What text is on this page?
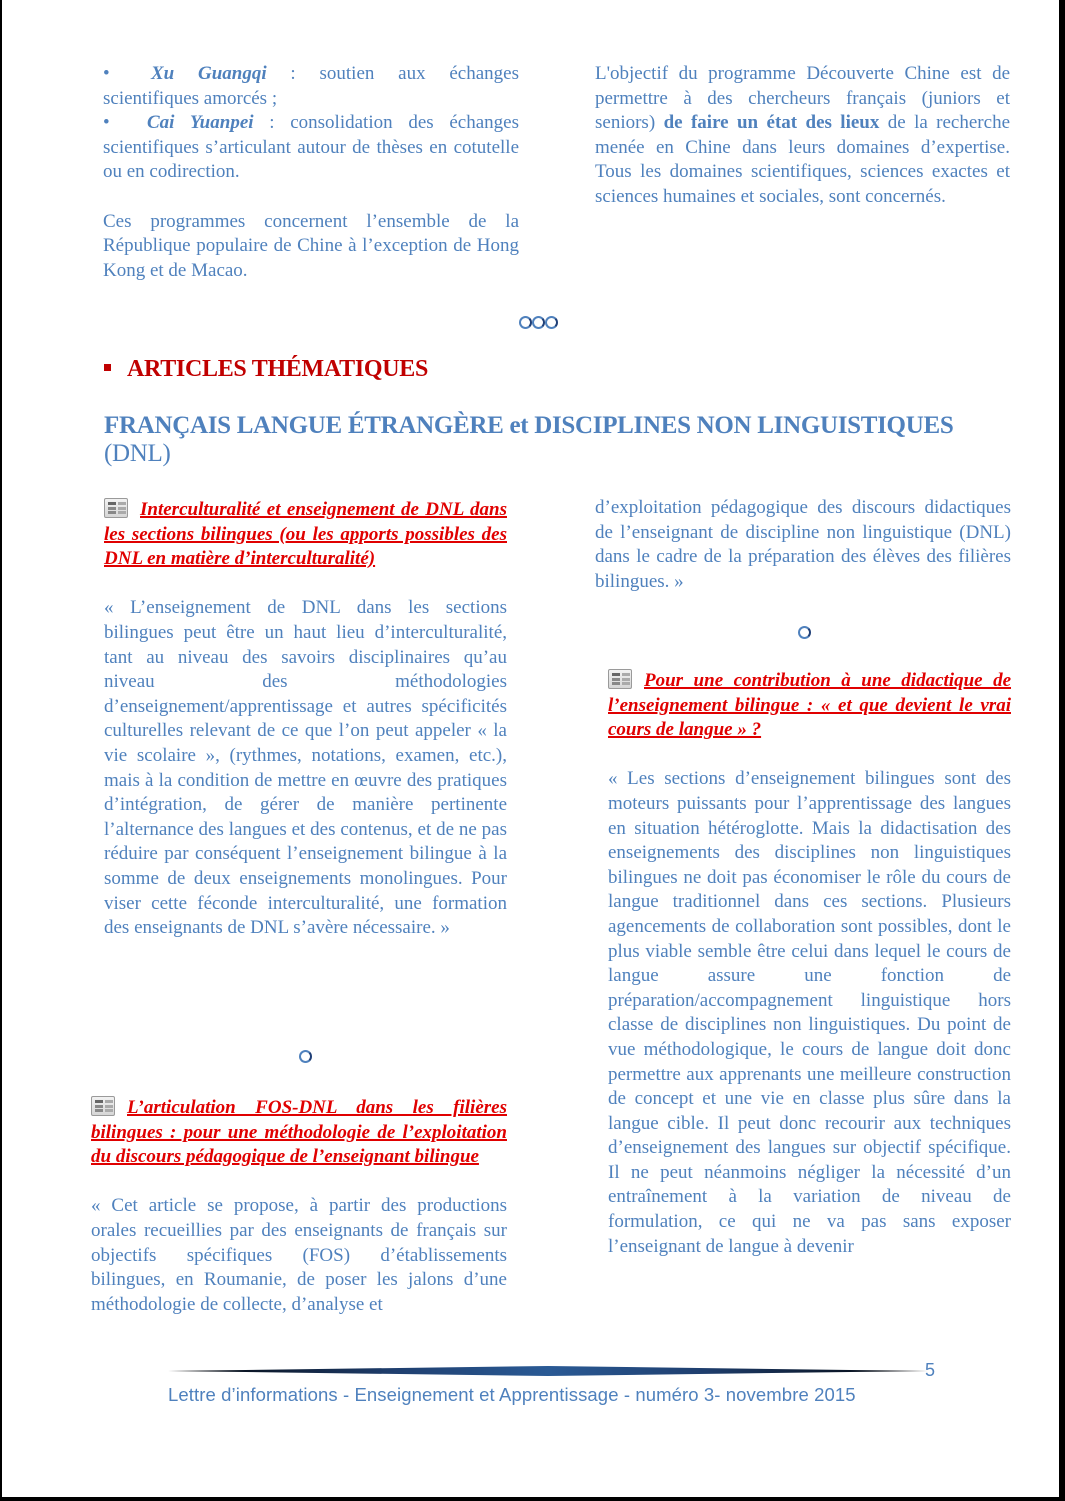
• Xu Guangqi : soutien aux échanges scientifiques amorcés ;

• Cai Yuanpei : consolidation des échanges scientifiques s’articulant autour de thèses en cotutelle ou en codirection.

Ces programmes concernent l’ensemble de la République populaire de Chine à l’exception de Hong Kong et de Macao.

L'objectif du programme Découverte Chine est de permettre à des chercheurs français (juniors et seniors) de faire un état des lieux de la recherche menée en Chine dans leurs domaines d’expertise. Tous les domaines scientifiques, sciences exactes et sciences humaines et sociales, sont concernés.

ARTICLES THÉMATIQUES
FRANÇAIS LANGUE ÉTRANGÈRE et DISCIPLINES NON LINGUISTIQUES
(DNL)
Interculturalité et enseignement de DNL dans les sections bilingues (ou les apports possibles des DNL en matière d’interculturalité)

« L’enseignement de DNL dans les sections bilingues peut être un haut lieu d’interculturalité, tant au niveau des savoirs disciplinaires qu’au niveau des méthodologies d’enseignement/apprentissage et autres spécificités culturelles relevant de ce que l’on peut appeler « la vie scolaire », (rythmes, notations, examen, etc.), mais à la condition de mettre en œuvre des pratiques d’intégration, de gérer de manière pertinente l’alternance des langues et des contenus, et de ne pas réduire par conséquent l’enseignement bilingue à la somme de deux enseignements monolingues. Pour viser cette féconde interculturalité, une formation des enseignants de DNL s’avère nécessaire. »

L’articulation FOS-DNL dans les filières bilingues : pour une méthodologie de l’exploitation du discours pédagogique de l’enseignant bilingue

« Cet article se propose, à partir des productions orales recueillies par des enseignants de français sur objectifs spécifiques (FOS) d’établissements bilingues, en Roumanie, de poser les jalons d’une méthodologie de collecte, d’analyse et

d’exploitation pédagogique des discours didactiques de l’enseignant de discipline non linguistique (DNL) dans le cadre de la préparation des élèves des filières bilingues. »

Pour une contribution à une didactique de l’enseignement bilingue : « et que devient le vrai cours de langue » ?

« Les sections d’enseignement bilingues sont des moteurs puissants pour l’apprentissage des langues en situation hétéroglotte. Mais la didactisation des enseignements des disciplines non linguistiques bilingues ne doit pas économiser le rôle du cours de langue traditionnel dans ces sections. Plusieurs agencements de collaboration sont possibles, dont le plus viable semble être celui dans lequel le cours de langue assure une fonction de préparation/accompagnement linguistique hors classe de disciplines non linguistiques. Du point de vue méthodologique, le cours de langue doit donc permettre aux apprenants une meilleure construction de concept et une vie en classe plus sûre dans la langue cible. Il peut donc recourir aux techniques d’enseignement des langues sur objectif spécifique. Il ne peut néanmoins négliger la nécessité d’un entraînement à la variation de niveau de formulation, ce qui ne va pas sans exposer l’enseignant de langue à devenir

5
Lettre d’informations - Enseignement et Apprentissage - numéro 3- novembre 2015
